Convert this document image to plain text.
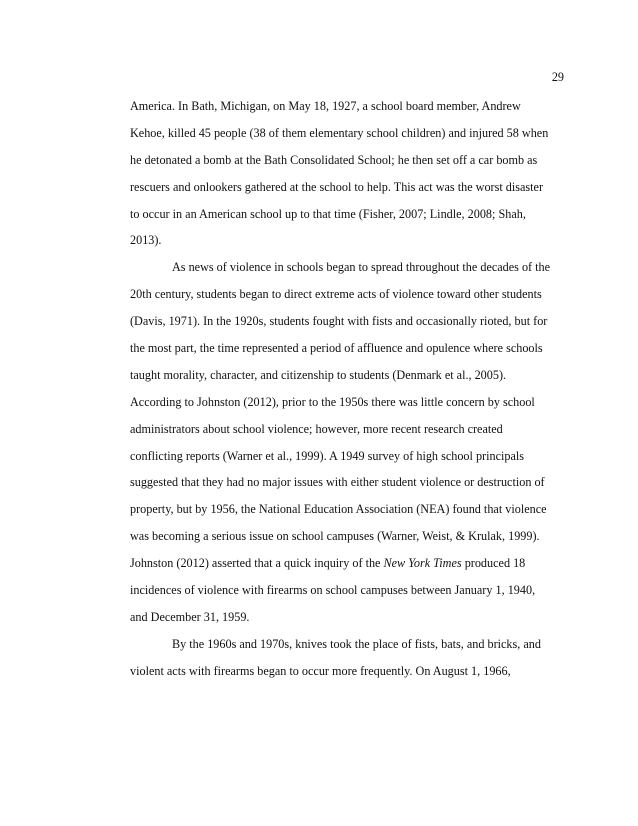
29
America. In Bath, Michigan, on May 18, 1927, a school board member, Andrew
Kehoe, killed 45 people (38 of them elementary school children) and injured 58 when
he detonated a bomb at the Bath Consolidated School; he then set off a car bomb as
rescuers and onlookers gathered at the school to help. This act was the worst disaster
to occur in an American school up to that time (Fisher, 2007; Lindle, 2008; Shah,
2013).
As news of violence in schools began to spread throughout the decades of the
20th century, students began to direct extreme acts of violence toward other students
(Davis, 1971). In the 1920s, students fought with fists and occasionally rioted, but for
the most part, the time represented a period of affluence and opulence where schools
taught morality, character, and citizenship to students (Denmark et al., 2005).
According to Johnston (2012), prior to the 1950s there was little concern by school
administrators about school violence; however, more recent research created
conflicting reports (Warner et al., 1999). A 1949 survey of high school principals
suggested that they had no major issues with either student violence or destruction of
property, but by 1956, the National Education Association (NEA) found that violence
was becoming a serious issue on school campuses (Warner, Weist, & Krulak, 1999).
Johnston (2012) asserted that a quick inquiry of the New York Times produced 18
incidences of violence with firearms on school campuses between January 1, 1940,
and December 31, 1959.
By the 1960s and 1970s, knives took the place of fists, bats, and bricks, and
violent acts with firearms began to occur more frequently. On August 1, 1966,
